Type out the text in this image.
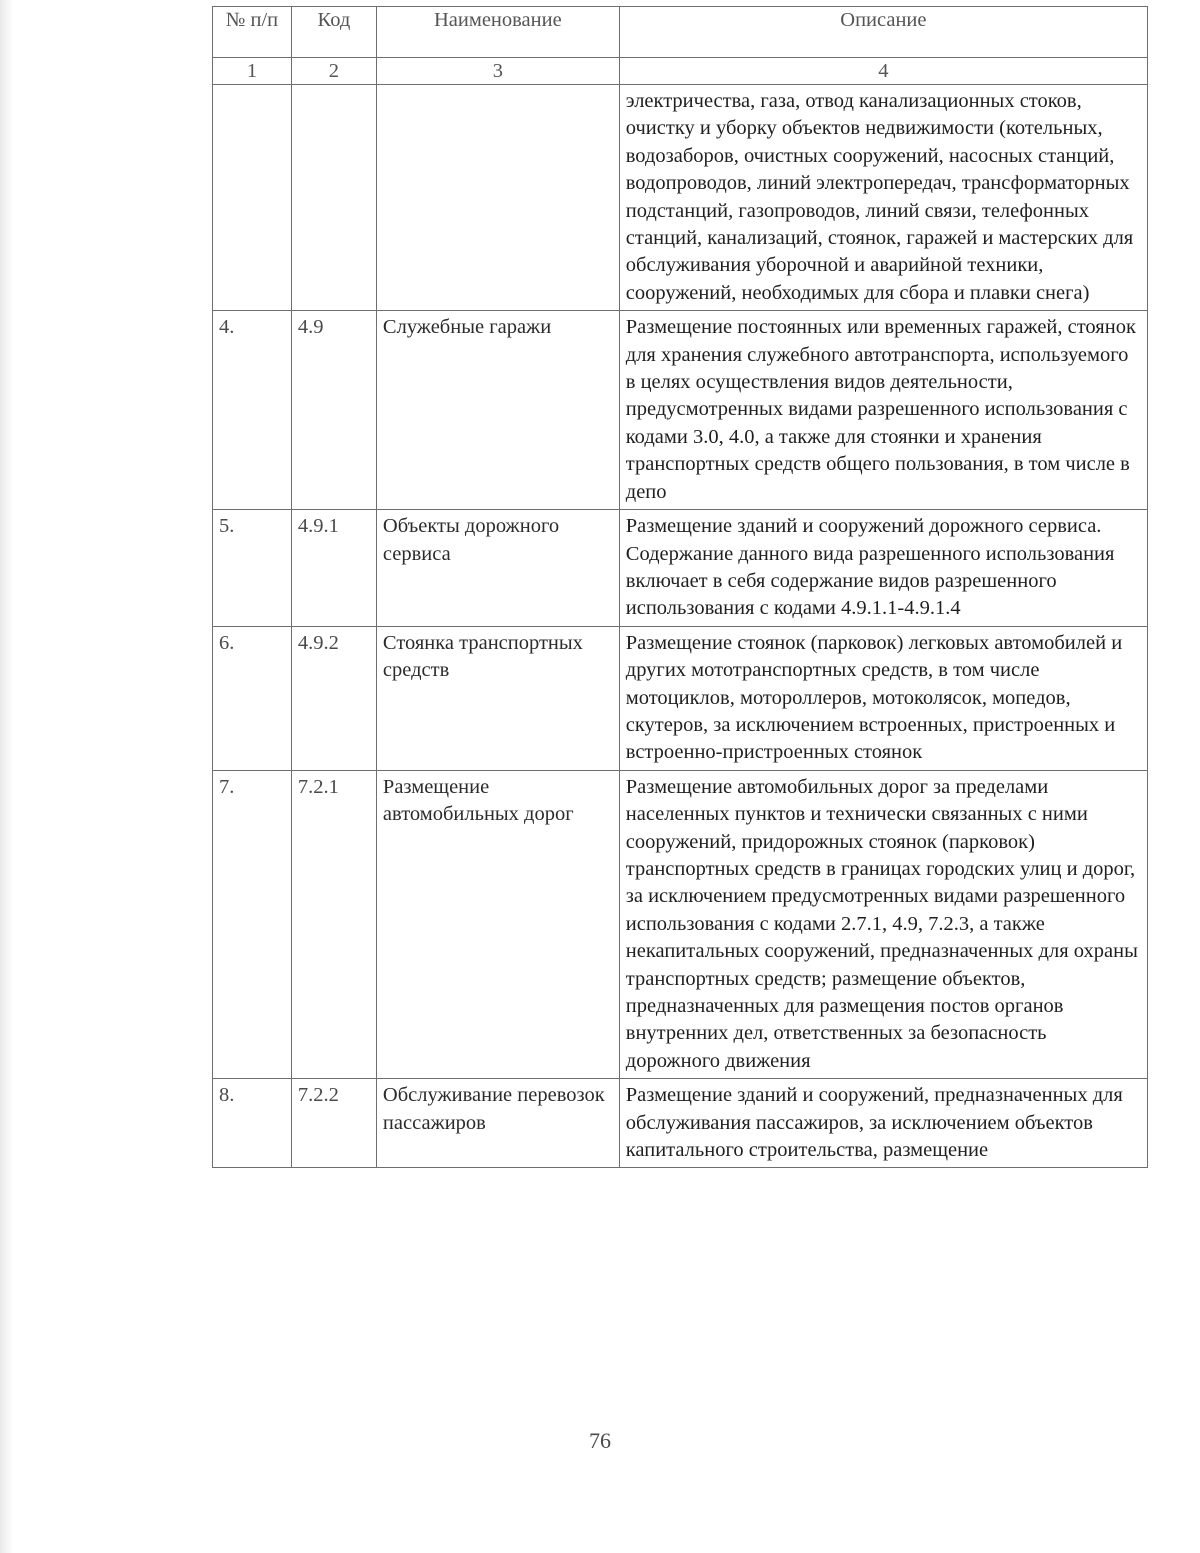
№ п/п	Код	Наименование	Описание
1	2	3	4
			электричества, газа, отвод канализационных стоков, очистку и уборку объектов недвижимости (котельных, водозаборов, очистных сооружений, насосных станций, водопроводов, линий электропередач, трансформаторных подстанций, газопроводов, линий связи, телефонных станций, канализаций, стоянок, гаражей и мастерских для обслуживания уборочной и аварийной техники, сооружений, необходимых для сбора и плавки снега)
4.	4.9	Служебные гаражи	Размещение постоянных или временных гаражей, стоянок для хранения служебного автотранспорта, используемого в целях осуществления видов деятельности, предусмотренных видами разрешенного использования с кодами 3.0, 4.0, а также для стоянки и хранения транспортных средств общего пользования, в том числе в депо
5.	4.9.1	Объекты дорожного сервиса	Размещение зданий и сооружений дорожного сервиса. Содержание данного вида разрешенного использования включает в себя содержание видов разрешенного использования с кодами 4.9.1.1-4.9.1.4
6.	4.9.2	Стоянка транспортных средств	Размещение стоянок (парковок) легковых автомобилей и других мототранспортных средств, в том числе мотоциклов, мотороллеров, мотоколясок, мопедов, скутеров, за исключением встроенных, пристроенных и встроенно-пристроенных стоянок
7.	7.2.1	Размещение автомобильных дорог	Размещение автомобильных дорог за пределами населенных пунктов и технически связанных с ними сооружений, придорожных стоянок (парковок) транспортных средств в границах городских улиц и дорог, за исключением предусмотренных видами разрешенного использования с кодами 2.7.1, 4.9, 7.2.3, а также некапитальных сооружений, предназначенных для охраны транспортных средств; размещение объектов, предназначенных для размещения постов органов внутренних дел, ответственных за безопасность дорожного движения
8.	7.2.2	Обслуживание перевозок пассажиров	Размещение зданий и сооружений, предназначенных для обслуживания пассажиров, за исключением объектов капитального строительства, размещение
76
